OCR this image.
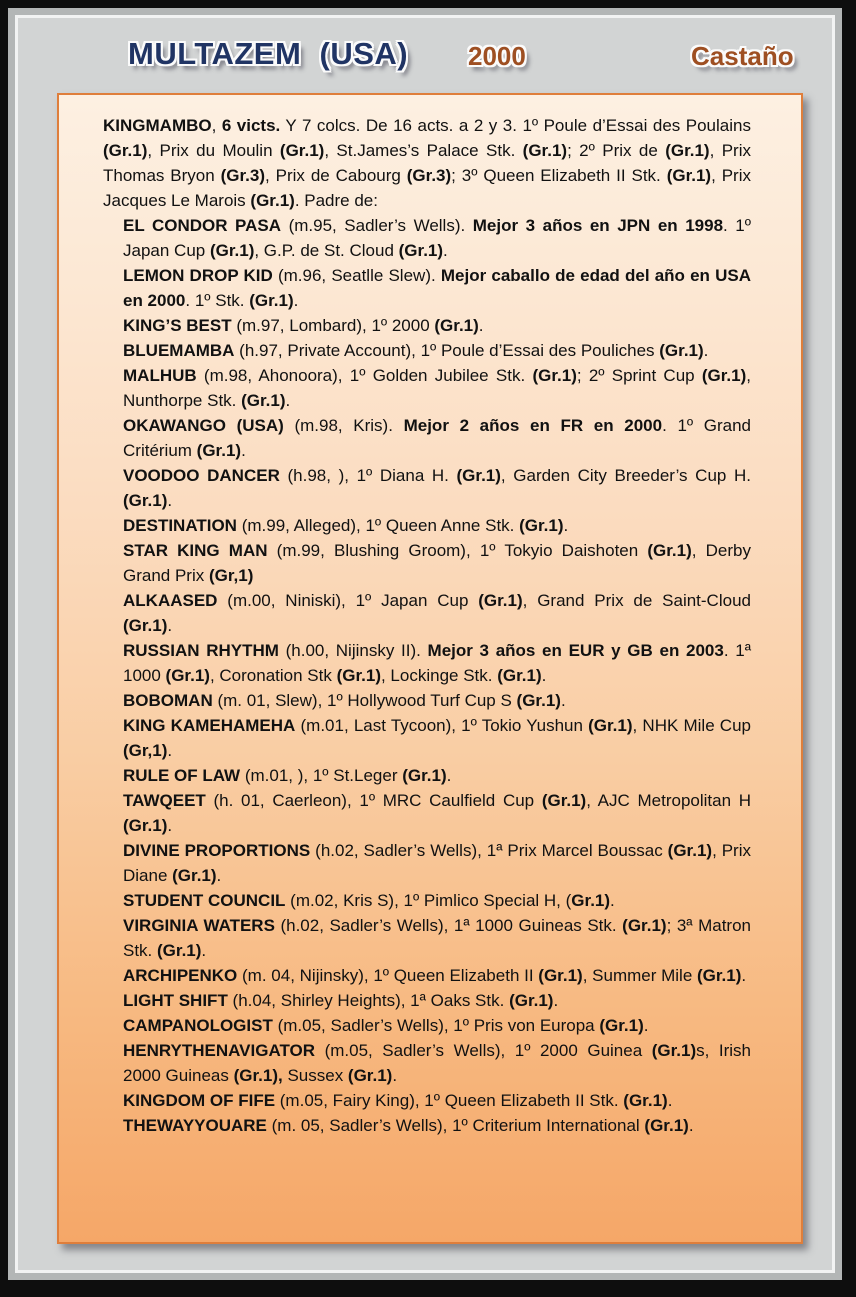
MULTAZEM  (USA) 2000	Castaño

KINGMAMBO, 6 victs. Y 7 colcs. De 16 acts. a 2 y 3. 1º Poule d’Essai des Poulains (Gr.1), Prix du Moulin (Gr.1), St.James’s Palace Stk. (Gr.1); 2º Prix de (Gr.1), Prix Thomas Bryon (Gr.3), Prix de Cabourg (Gr.3); 3º Queen Elizabeth II Stk. (Gr.1), Prix Jacques Le Marois (Gr.1). Padre de:

EL CONDOR PASA (m.95, Sadler’s Wells). Mejor 3 años en JPN en 1998. 1º Japan Cup (Gr.1), G.P. de St. Cloud (Gr.1).

LEMON DROP KID (m.96, Seatlle Slew). Mejor caballo de edad del año en USA en 2000. 1º Stk. (Gr.1).

KING’S BEST (m.97, Lombard), 1º 2000 (Gr.1).

BLUEMAMBA (h.97, Private Account), 1º Poule d’Essai des Pouliches (Gr.1).

MALHUB (m.98, Ahonoora), 1º Golden Jubilee Stk. (Gr.1); 2º Sprint Cup (Gr.1), Nunthorpe Stk. (Gr.1).

OKAWANGO (USA) (m.98, Kris). Mejor 2 años en FR en 2000. 1º Grand Critérium (Gr.1).

VOODOO DANCER (h.98, ), 1º Diana H. (Gr.1), Garden City Breeder’s Cup H. (Gr.1).

DESTINATION (m.99, Alleged), 1º Queen Anne Stk. (Gr.1).

STAR KING MAN (m.99, Blushing Groom), 1º Tokyio Daishoten (Gr.1), Derby Grand Prix (Gr,1)

ALKAASED (m.00, Niniski), 1º Japan Cup (Gr.1), Grand Prix de Saint-Cloud (Gr.1).

RUSSIAN RHYTHM (h.00, Nijinsky II). Mejor 3 años en EUR y GB en 2003. 1ª 1000 (Gr.1), Coronation Stk (Gr.1), Lockinge Stk. (Gr.1).

BOBOMAN (m. 01, Slew), 1º Hollywood Turf Cup S (Gr.1).

KING KAMEHAMEHA (m.01, Last Tycoon), 1º Tokio Yushun (Gr.1), NHK Mile Cup (Gr,1).

RULE OF LAW (m.01, ), 1º St.Leger (Gr.1).

TAWQEET (h. 01, Caerleon), 1º MRC Caulfield Cup (Gr.1), AJC Metropolitan H (Gr.1).

DIVINE PROPORTIONS (h.02, Sadler’s Wells), 1ª Prix Marcel Boussac (Gr.1), Prix Diane (Gr.1).

STUDENT COUNCIL (m.02, Kris S), 1º Pimlico Special H, (Gr.1).

VIRGINIA WATERS (h.02, Sadler’s Wells), 1ª 1000 Guineas Stk. (Gr.1); 3ª Matron Stk. (Gr.1).

ARCHIPENKO (m. 04, Nijinsky), 1º Queen Elizabeth II (Gr.1), Summer Mile (Gr.1).

LIGHT SHIFT (h.04, Shirley Heights), 1ª Oaks Stk. (Gr.1).

CAMPANOLOGIST (m.05, Sadler’s Wells), 1º Pris von Europa (Gr.1).

HENRYTHENAVIGATOR (m.05, Sadler’s Wells), 1º 2000 Guinea (Gr.1)s, Irish 2000 Guineas (Gr.1), Sussex (Gr.1).

KINGDOM OF FIFE (m.05, Fairy King), 1º Queen Elizabeth II Stk. (Gr.1).

THEWAYYOUARE (m. 05, Sadler’s Wells), 1º Criterium International (Gr.1).
